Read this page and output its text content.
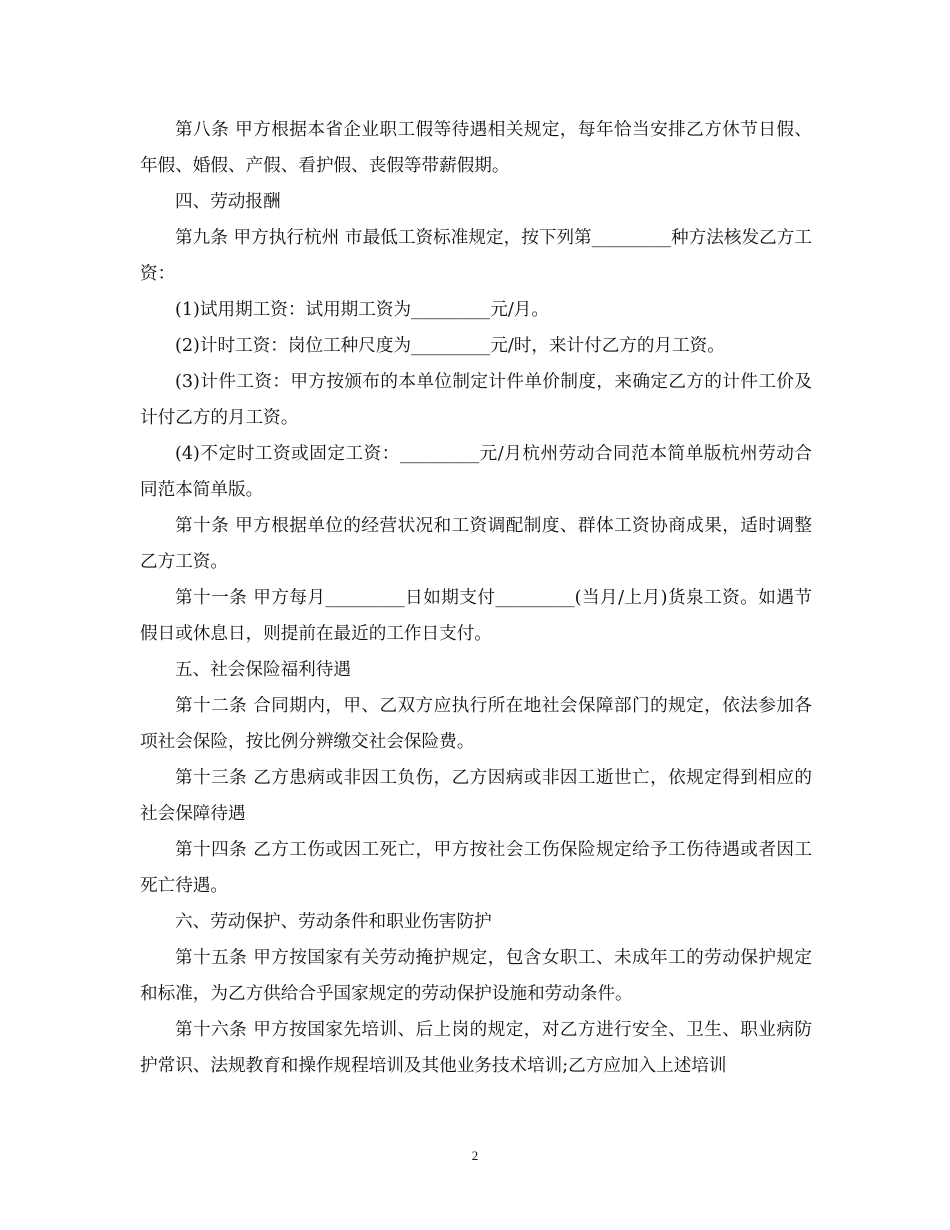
第八条 甲方根据本省企业职工假等待遇相关规定，每年恰当安排乙方休节日假、年假、婚假、产假、看护假、丧假等带薪假期。

四、劳动报酬

第九条 甲方执行杭州 市最低工资标准规定，按下列第_________种方法核发乙方工资：

(1)试用期工资：试用期工资为_________元/月。

(2)计时工资：岗位工种尺度为_________元/时，来计付乙方的月工资。

(3)计件工资：甲方按颁布的本单位制定计件单价制度，来确定乙方的计件工价及计付乙方的月工资。

(4)不定时工资或固定工资：_________元/月杭州劳动合同范本简单版杭州劳动合同范本简单版。

第十条 甲方根据单位的经营状况和工资调配制度、群体工资协商成果，适时调整乙方工资。

第十一条 甲方每月_________日如期支付_________(当月/上月)货泉工资。如遇节假日或休息日，则提前在最近的工作日支付。

五、社会保险福利待遇

第十二条 合同期内，甲、乙双方应执行所在地社会保障部门的规定，依法参加各项社会保险，按比例分辨缴交社会保险费。

第十三条 乙方患病或非因工负伤，乙方因病或非因工逝世亡，依规定得到相应的社会保障待遇

第十四条 乙方工伤或因工死亡，甲方按社会工伤保险规定给予工伤待遇或者因工死亡待遇。

六、劳动保护、劳动条件和职业伤害防护

第十五条 甲方按国家有关劳动掩护规定，包含女职工、未成年工的劳动保护规定和标准，为乙方供给合乎国家规定的劳动保护设施和劳动条件。

第十六条 甲方按国家先培训、后上岗的规定，对乙方进行安全、卫生、职业病防护常识、法规教育和操作规程培训及其他业务技术培训;乙方应加入上述培训

2
